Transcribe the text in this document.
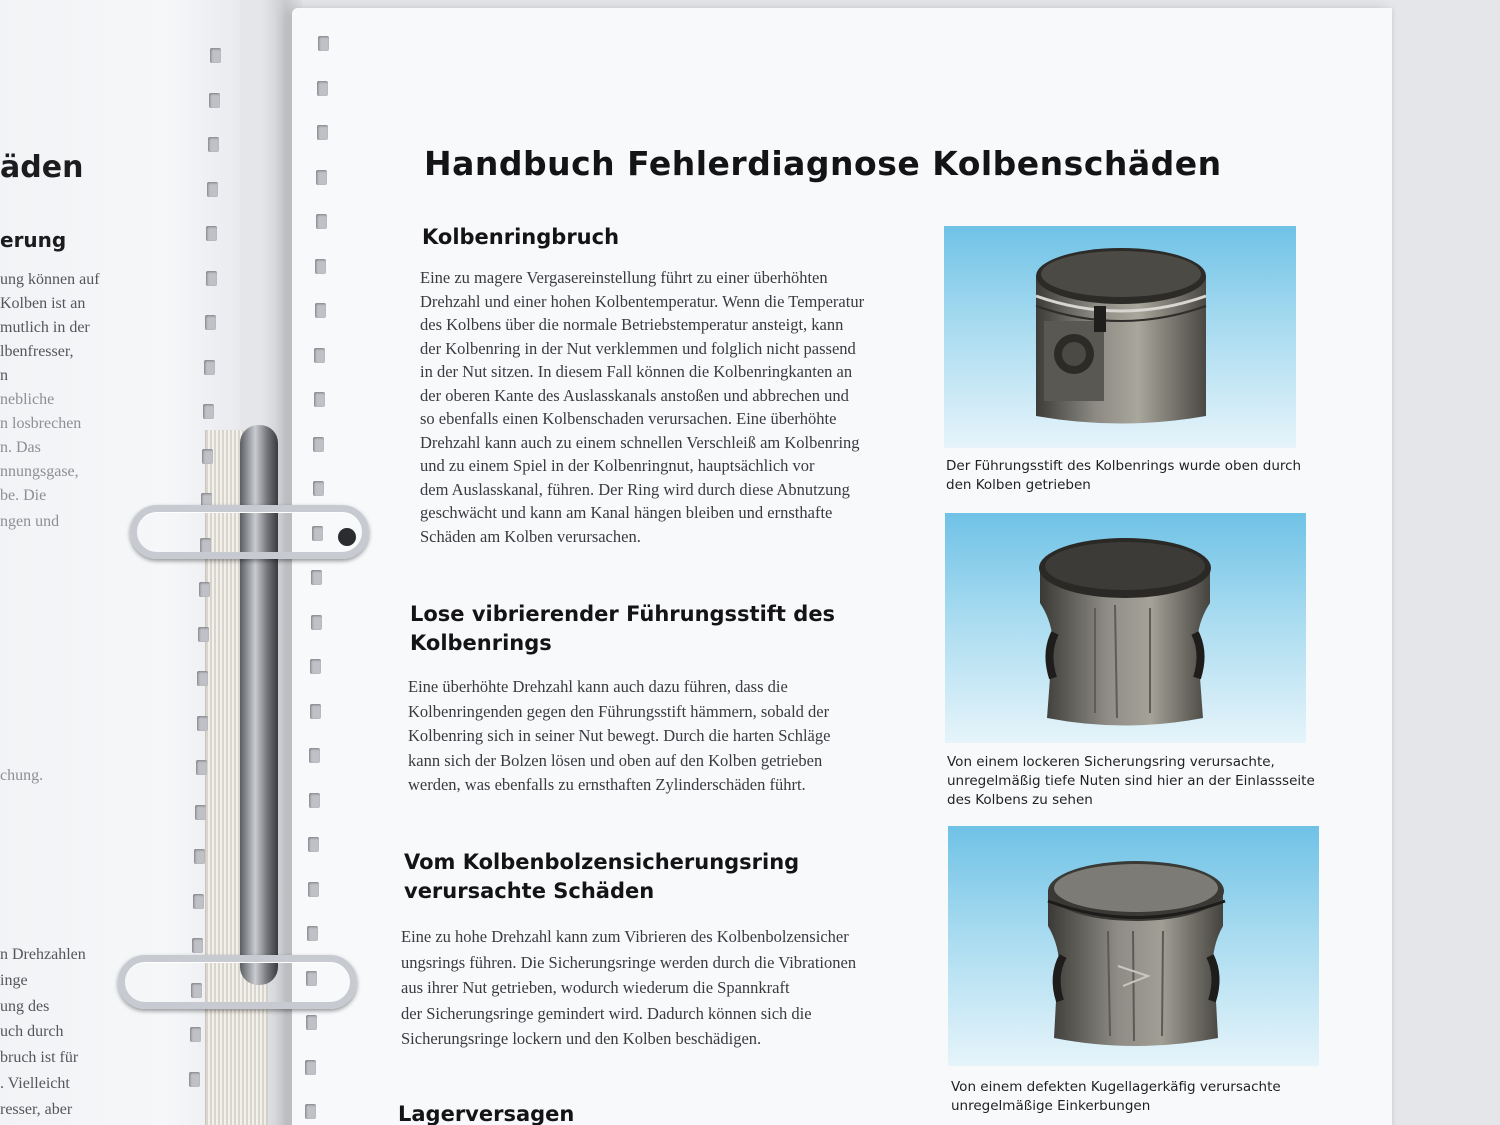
äden
erung
ung können auf
Kolben ist an
mutlich in der
lbenfresser,
n
nebliche
n losbrechen
n. Das
nnungsgase,
be. Die
ngen und
chung.
n Drehzahlen
inge
ung des
uch durch
bruch ist für
. Vielleicht
resser, aber
Handbuch Fehlerdiagnose Kolbenschäden
Kolbenringbruch
Eine zu magere Vergasereinstellung führt zu einer überhöhten
Drehzahl und einer hohen Kolbentemperatur. Wenn die Temperatur
des Kolbens über die normale Betriebstemperatur ansteigt, kann
der Kolbenring in der Nut verklemmen und folglich nicht passend
in der Nut sitzen. In diesem Fall können die Kolbenringkanten an
der oberen Kante des Auslasskanals anstoßen und abbrechen und
so ebenfalls einen Kolbenschaden verursachen. Eine überhöhte
Drehzahl kann auch zu einem schnellen Verschleiß am Kolbenring
und zu einem Spiel in der Kolbenringnut, hauptsächlich vor
dem Auslasskanal, führen. Der Ring wird durch diese Abnutzung
geschwächt und kann am Kanal hängen bleiben und ernsthafte
Schäden am Kolben verursachen.
Lose vibrierender Führungsstift des
Kolbenrings
Eine überhöhte Drehzahl kann auch dazu führen, dass die
Kolbenringenden gegen den Führungsstift hämmern, sobald der
Kolbenring sich in seiner Nut bewegt. Durch die harten Schläge
kann sich der Bolzen lösen und oben auf den Kolben getrieben
werden, was ebenfalls zu ernsthaften Zylinderschäden führt.
Vom Kolbenbolzensicherungsring
verursachte Schäden
Eine zu hohe Drehzahl kann zum Vibrieren des Kolbenbolzensicher
ungsrings führen. Die Sicherungsringe werden durch die Vibrationen
aus ihrer Nut getrieben, wodurch wiederum die Spannkraft
der Sicherungsringe gemindert wird. Dadurch können sich die
Sicherungsringe lockern und den Kolben beschädigen.
Lagerversagen
Der Führungsstift des Kolbenrings wurde oben durch
den Kolben getrieben
Von einem lockeren Sicherungsring verursachte,
unregelmäßig tiefe Nuten sind hier an der Einlassseite
des Kolbens zu sehen
Von einem defekten Kugellagerkäfig verursachte
unregelmäßige Einkerbungen
